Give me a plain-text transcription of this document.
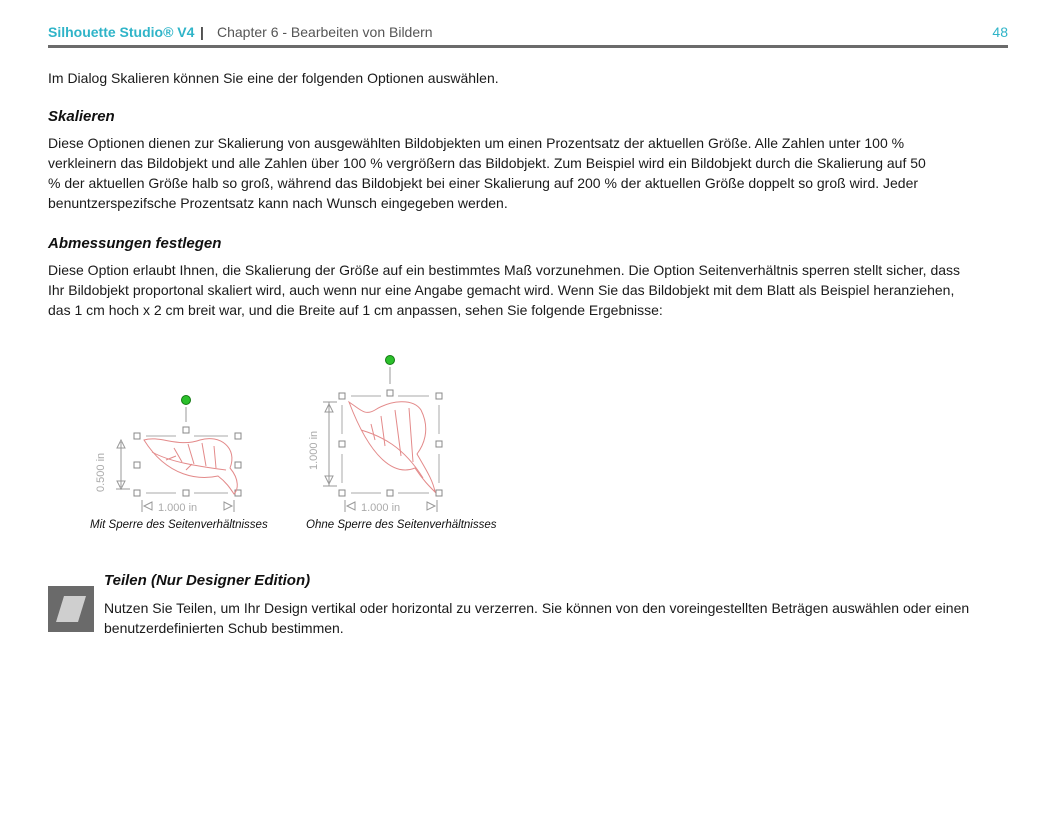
Silhouette Studio® V4 | Chapter 6 - Bearbeiten von Bildern	48
Im Dialog Skalieren können Sie eine der folgenden Optionen auswählen.
Skalieren
Diese Optionen dienen zur Skalierung von ausgewählten Bildobjekten um einen Prozentsatz der aktuellen Größe. Alle Zahlen unter 100 %
verkleinern das Bildobjekt und alle Zahlen über 100 % vergrößern das Bildobjekt. Zum Beispiel wird ein Bildobjekt durch die Skalierung auf 50
% der aktuellen Größe halb so groß, während das Bildobjekt bei einer Skalierung auf 200 % der aktuellen Größe doppelt so groß wird. Jeder
benuntzerspezifsche Prozentsatz kann nach Wunsch eingegeben werden.
Abmessungen festlegen
Diese Option erlaubt Ihnen, die Skalierung der Größe auf ein bestimmtes Maß vorzunehmen. Die Option Seitenverhältnis sperren stellt sicher, dass
Ihr Bildobjekt proportonal skaliert wird, auch wenn nur eine Angabe gemacht wird. Wenn Sie das Bildobjekt mit dem Blatt als Beispiel heranziehen,
das 1 cm hoch x 2 cm breit war, und die Breite auf 1 cm anpassen, sehen Sie folgende Ergebnisse:
0.500 in
1.000 in
Mit Sperre des Seitenverhältnisses
1.000 in
1.000 in
Ohne Sperre des Seitenverhältnisses
Teilen (Nur Designer Edition)
Nutzen Sie Teilen, um Ihr Design vertikal oder horizontal zu verzerren. Sie können von den voreingestellten Beträgen auswählen oder einen
benutzerdefinierten Schub bestimmen.
